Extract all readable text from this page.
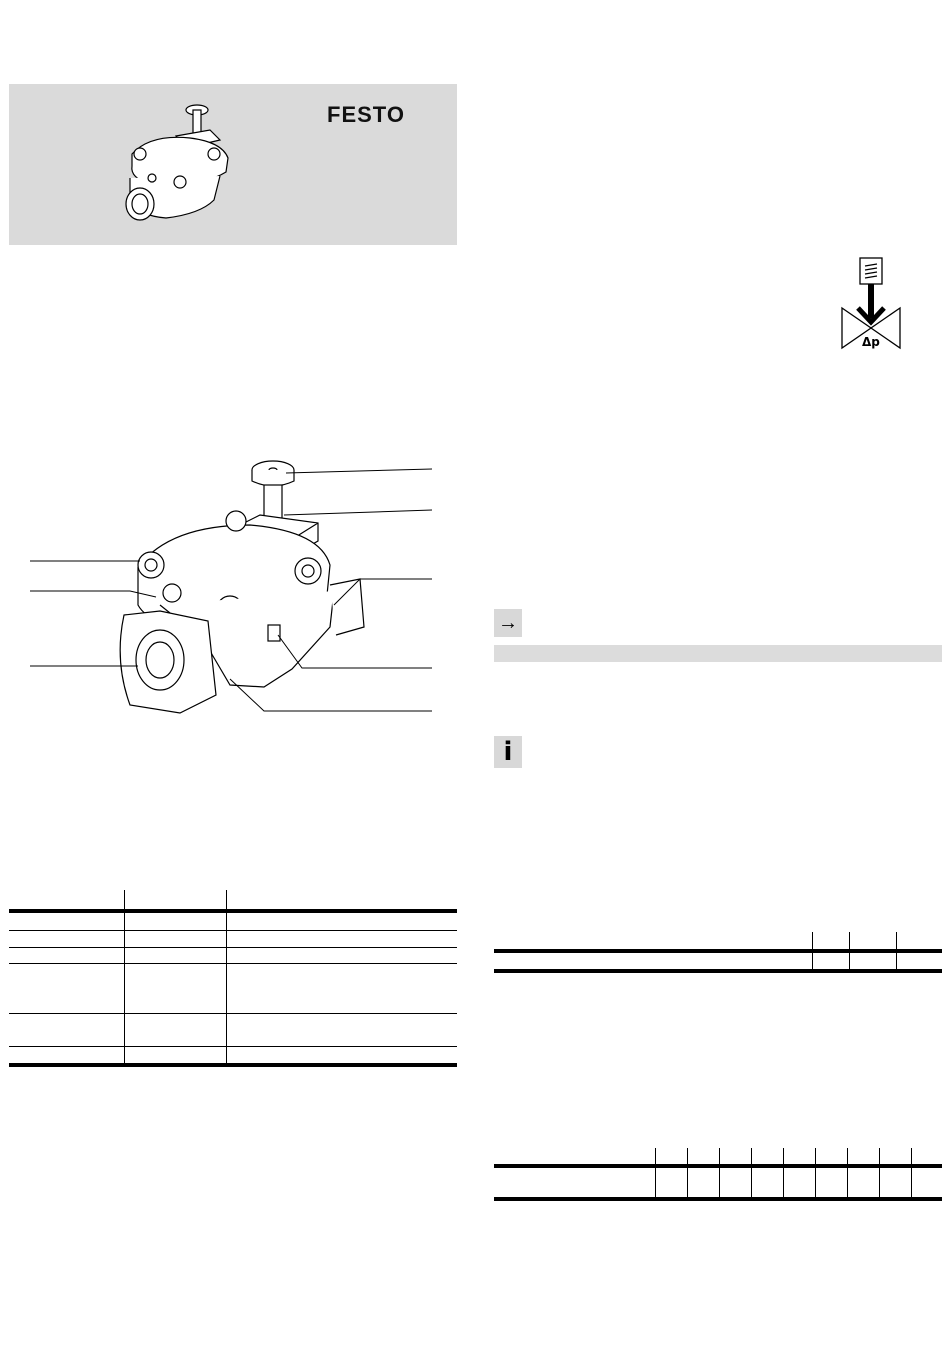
FESTO
Δp
→
i
